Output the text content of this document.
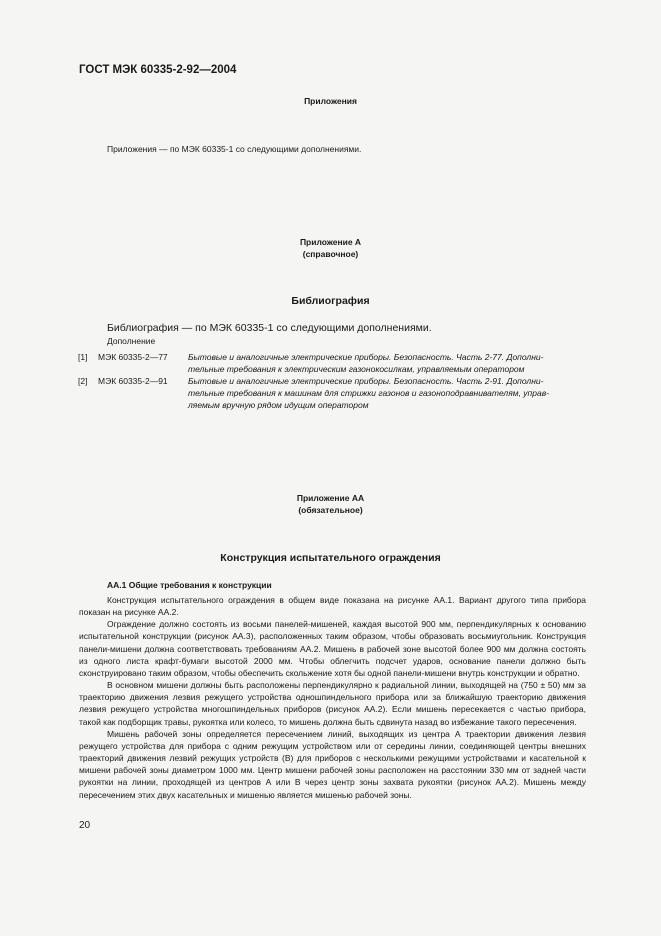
ГОСТ МЭК 60335-2-92—2004
Приложения
Приложения — по МЭК 60335-1 со следующими дополнениями.
Приложение А
(справочное)
Библиография
Библиография — по МЭК 60335-1 со следующими дополнениями.
Дополнение
[1] МЭК 60335-2—77 Бытовые и аналогичные электрические приборы. Безопасность. Часть 2-77. Дополни-
тельные требования к электрическим газонокосилкам, управляемым оператором
[2] МЭК 60335-2—91 Бытовые и аналогичные электрические приборы. Безопасность. Часть 2-91. Дополни-
тельные требования к машинам для стрижки газонов и газоноподравнивателям, управ-
ляемым вручную рядом идущим оператором
Приложение АА
(обязательное)
Конструкция испытательного ограждения
АА.1 Общие требования к конструкции

Конструкция испытательного ограждения в общем виде показана на рисунке АА.1. Вариант другого типа прибора показан на рисунке АА.2.

Ограждение должно состоять из восьми панелей-мишеней, каждая высотой 900 мм, перпендикулярных к основанию испытательной конструкции (рисунок АА.3), расположенных таким образом, чтобы образовать восьмиугольник. Конструкция панели-мишени должна соответствовать требованиям АА.2. Мишень в рабочей зоне высотой более 900 мм должна состоять из одного листа крафт-бумаги высотой 2000 мм. Чтобы облегчить подсчет ударов, основание панели должно быть сконструировано таким образом, чтобы обеспечить скольжение хотя бы одной панели-мишени внутрь конструкции и обратно.

В основном мишени должны быть расположены перпендикулярно к радиальной линии, выходящей на (750 ± 50) мм за траекторию движения лезвия режущего устройства одношпиндельного прибора или за ближайшую траекторию движения лезвия режущего устройства многошпиндельных приборов (рисунок АА.2). Если мишень пересекается с частью прибора, такой как подборщик травы, рукоятка или колесо, то мишень должна быть сдвинута назад во избежание такого пересечения.

Мишень рабочей зоны определяется пересечением линий, выходящих из центра А траектории движения лезвия режущего устройства для прибора с одним режущим устройством или от середины линии, соединяющей центры внешних траекторий движения лезвий режущих устройств (В) для приборов с несколькими режущими устройствами и касательной к мишени рабочей зоны диаметром 1000 мм. Центр мишени рабочей зоны расположен на расстоянии 330 мм от задней части рукоятки на линии, проходящей из центров А или В через центр зоны захвата рукоятки (рисунок АА.2). Мишень между пересечением этих двух касательных и мишенью является мишенью рабочей зоны.

20
